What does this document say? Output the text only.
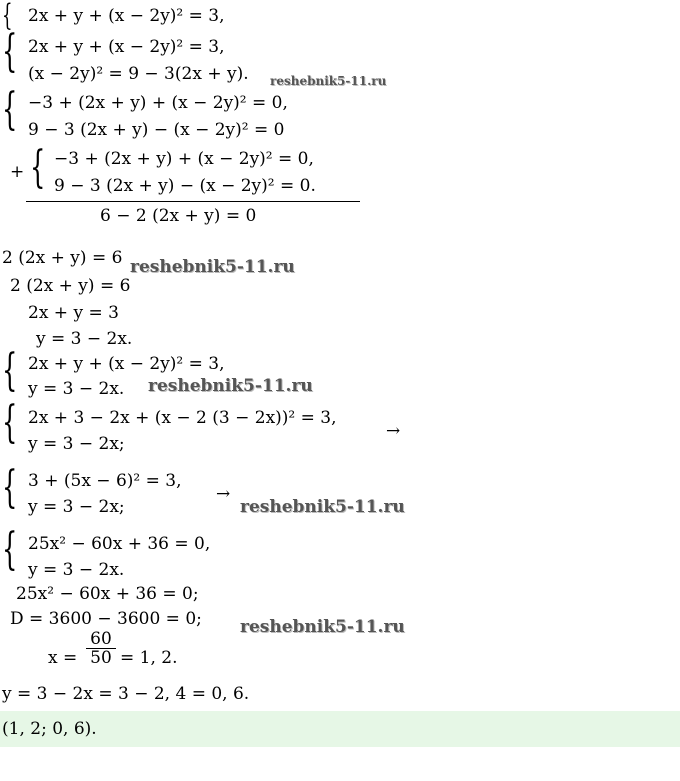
{ 2x + y + (x − 2y)² = 3,
{ 2x + y + (x − 2y)² = 3,
(x − 2y)² = 9 − 3(2x + y). reshebnik5-11.ru
{ −3 + (2x + y) + (x − 2y)² = 0,
9 − 3 (2x + y) − (x − 2y)² = 0
+ { −3 + (2x + y) + (x − 2y)² = 0,
9 − 3 (2x + y) − (x − 2y)² = 0.
6 − 2 (2x + y) = 0
2 (2x + y) = 6 reshebnik5-11.ru
2 (2x + y) = 6
2x + y = 3
y = 3 − 2x.
{ 2x + y + (x − 2y)² = 3,
y = 3 − 2x. reshebnik5-11.ru
{ 2x + 3 − 2x + (x − 2 (3 − 2x))² = 3,
y = 3 − 2x;
→
{ 3 + (5x − 6)² = 3,
y = 3 − 2x;
→
reshebnik5-11.ru
{ 25x² − 60x + 36 = 0,
y = 3 − 2x.
25x² − 60x + 36 = 0;
D = 3600 − 3600 = 0; reshebnik5-11.ru
$x = \frac{60}{50} = 1$, 2.
y = 3 − 2x = 3 − 2, 4 = 0, 6.
(1, 2; 0, 6).
